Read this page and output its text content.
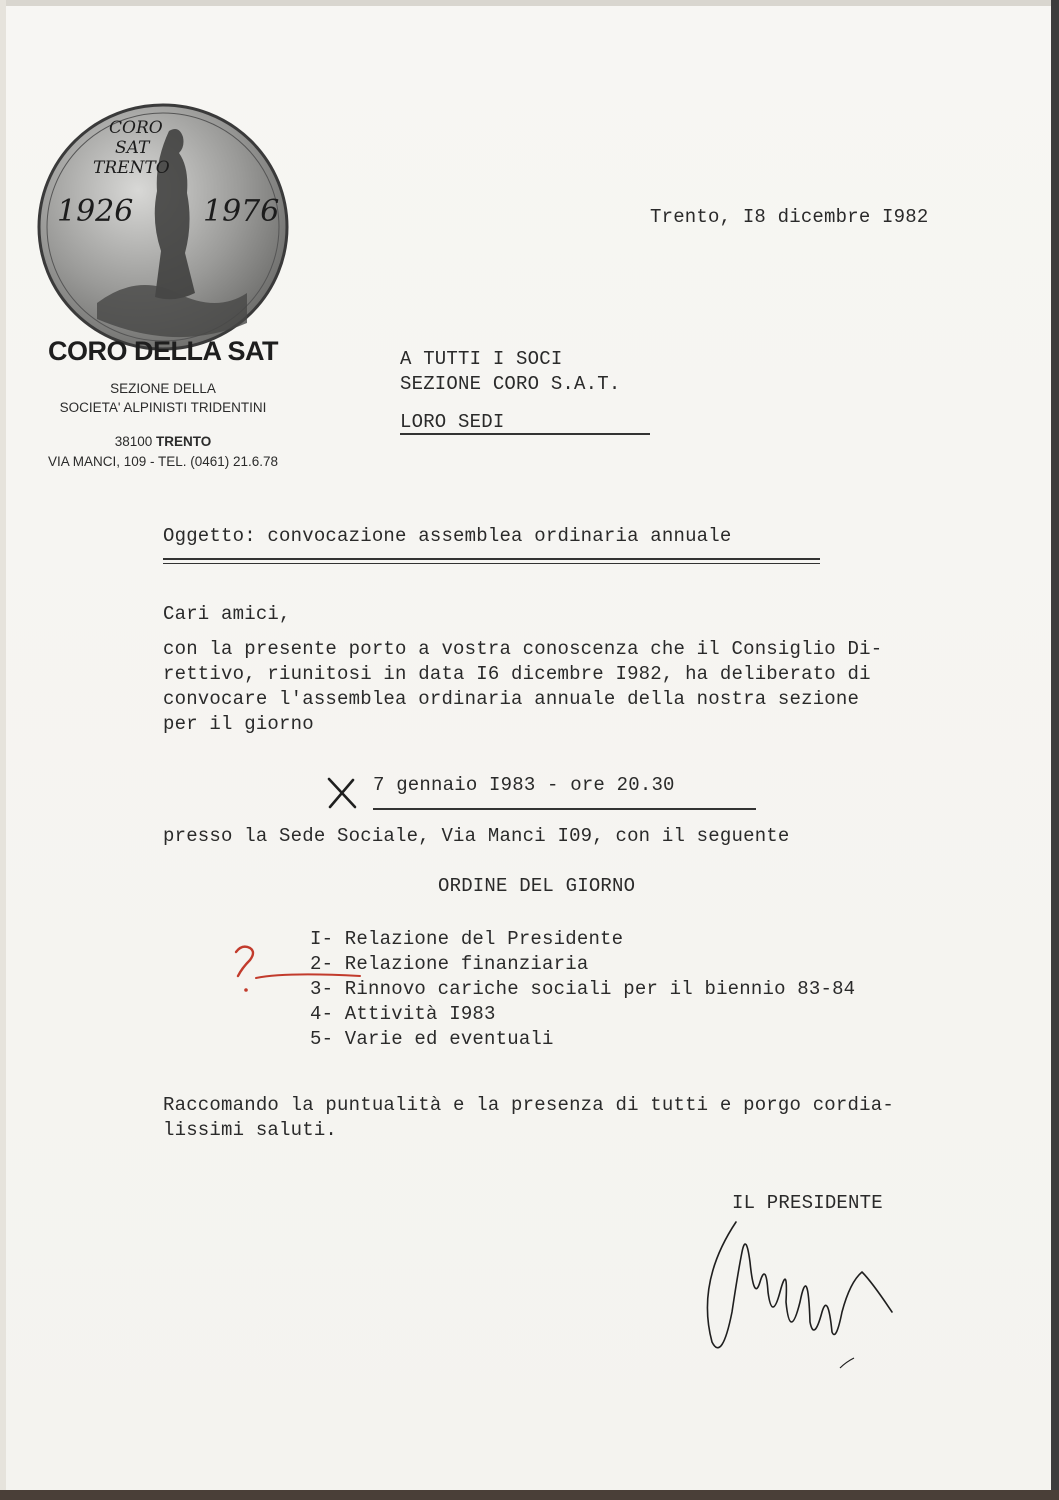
CORO
SAT
TRENTO
1926 1976
CORO DELLA SAT
SEZIONE DELLA
SOCIETA' ALPINISTI TRIDENTINI
38100 TRENTO
VIA MANCI, 109 - TEL. (0461) 21.6.78
Trento, I8 dicembre I982
A TUTTI I SOCI
SEZIONE CORO S.A.T.
LORO SEDI
Oggetto: convocazione assemblea ordinaria annuale
Cari amici,
con la presente porto a vostra conoscenza che il Consiglio Di-
rettivo, riunitosi in data I6 dicembre I982, ha deliberato di
convocare l'assemblea ordinaria annuale della nostra sezione
per il giorno
7 gennaio I983 - ore 20.30
presso la Sede Sociale, Via Manci I09, con il seguente
ORDINE DEL GIORNO
I- Relazione del Presidente
2- Relazione finanziaria
3- Rinnovo cariche sociali per il biennio 83-84
4- Attività I983
5- Varie ed eventuali
Raccomando la puntualità e la presenza di tutti e porgo cordia-
lissimi saluti.
IL PRESIDENTE
